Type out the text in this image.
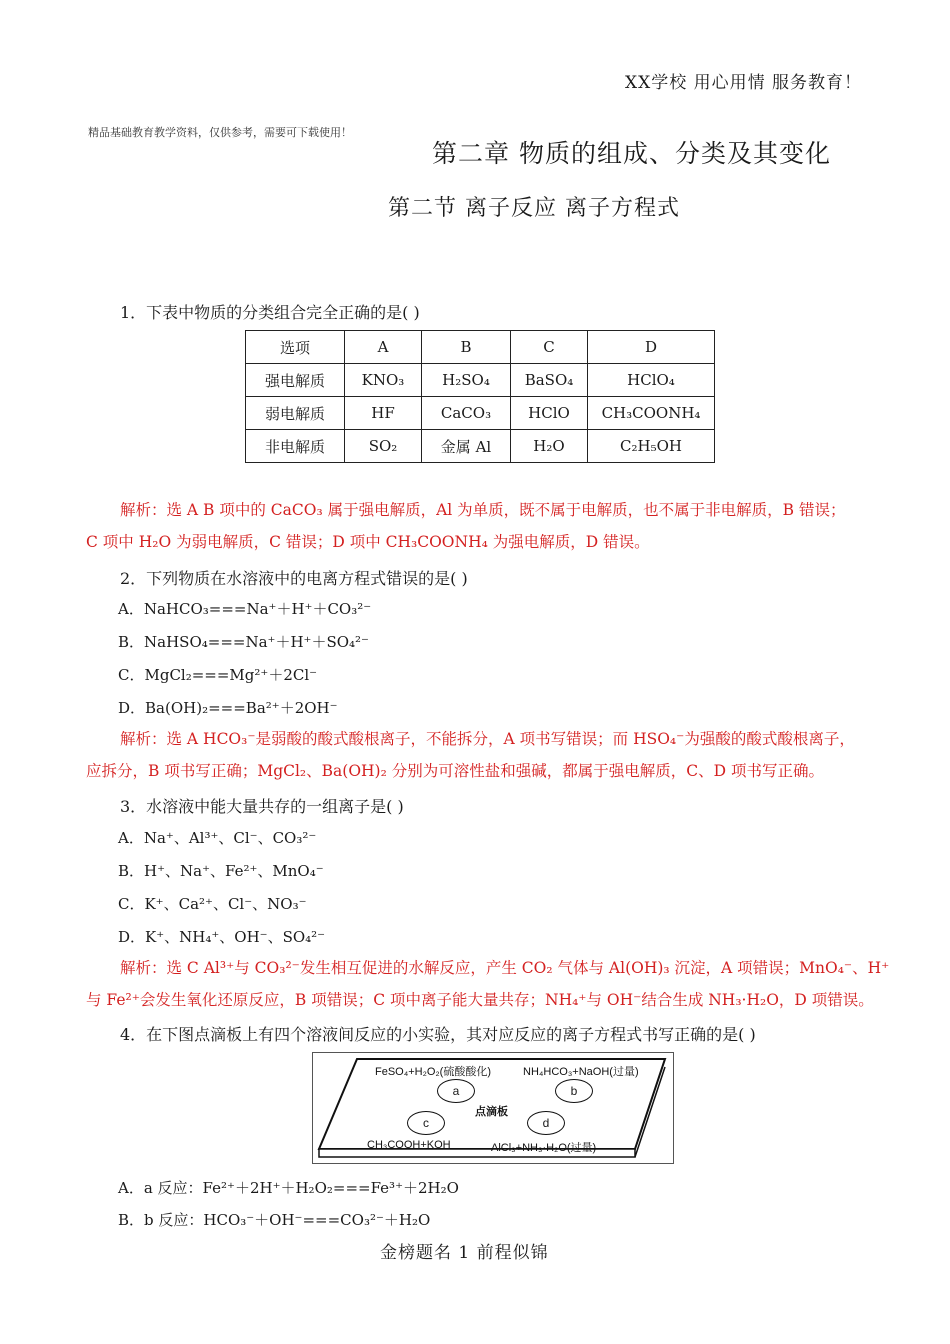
XX学校 用心用情 服务教育！
精品基础教育教学资料，仅供参考，需要可下载使用！
第二章 物质的组成、分类及其变化
第二节 离子反应 离子方程式
1．下表中物质的分类组合完全正确的是( )
选项	A	B	C	D
强电解质	KNO₃	H₂SO₄	BaSO₄	HClO₄
弱电解质	HF	CaCO₃	HClO	CH₃COONH₄
非电解质	SO₂	金属 Al	H₂O	C₂H₅OH
解析：选 A B 项中的 CaCO₃ 属于强电解质，Al 为单质，既不属于电解质，也不属于非电解质，B 错误；
C 项中 H₂O 为弱电解质，C 错误；D 项中 CH₃COONH₄ 为强电解质，D 错误。
2．下列物质在水溶液中的电离方程式错误的是( )
A．NaHCO₃===Na⁺＋H⁺＋CO₃²⁻
B．NaHSO₄===Na⁺＋H⁺＋SO₄²⁻
C．MgCl₂===Mg²⁺＋2Cl⁻
D．Ba(OH)₂===Ba²⁺＋2OH⁻
解析：选 A HCO₃⁻是弱酸的酸式酸根离子，不能拆分，A 项书写错误；而 HSO₄⁻为强酸的酸式酸根离子，
应拆分，B 项书写正确；MgCl₂、Ba(OH)₂ 分别为可溶性盐和强碱，都属于强电解质，C、D 项书写正确。
3．水溶液中能大量共存的一组离子是( )
A．Na⁺、Al³⁺、Cl⁻、CO₃²⁻
B．H⁺、Na⁺、Fe²⁺、MnO₄⁻
C．K⁺、Ca²⁺、Cl⁻、NO₃⁻
D．K⁺、NH₄⁺、OH⁻、SO₄²⁻
解析：选 C Al³⁺与 CO₃²⁻发生相互促进的水解反应，产生 CO₂ 气体与 Al(OH)₃ 沉淀，A 项错误；MnO₄⁻、H⁺
与 Fe²⁺会发生氧化还原反应，B 项错误；C 项中离子能大量共存；NH₄⁺与 OH⁻结合生成 NH₃·H₂O，D 项错误。
4．在下图点滴板上有四个溶液间反应的小实验，其对应反应的离子方程式书写正确的是( )
FeSO₄+H₂O₂(硫酸酸化)	NH₄HCO₃+NaOH(过量)
点滴板
CH₃COOH+KOH	AlCl₃+NH₃·H₂O(过量)
a	b
c	d
A．a 反应：Fe²⁺＋2H⁺＋H₂O₂===Fe³⁺＋2H₂O
B．b 反应：HCO₃⁻＋OH⁻===CO₃²⁻＋H₂O
金榜题名 1 前程似锦
